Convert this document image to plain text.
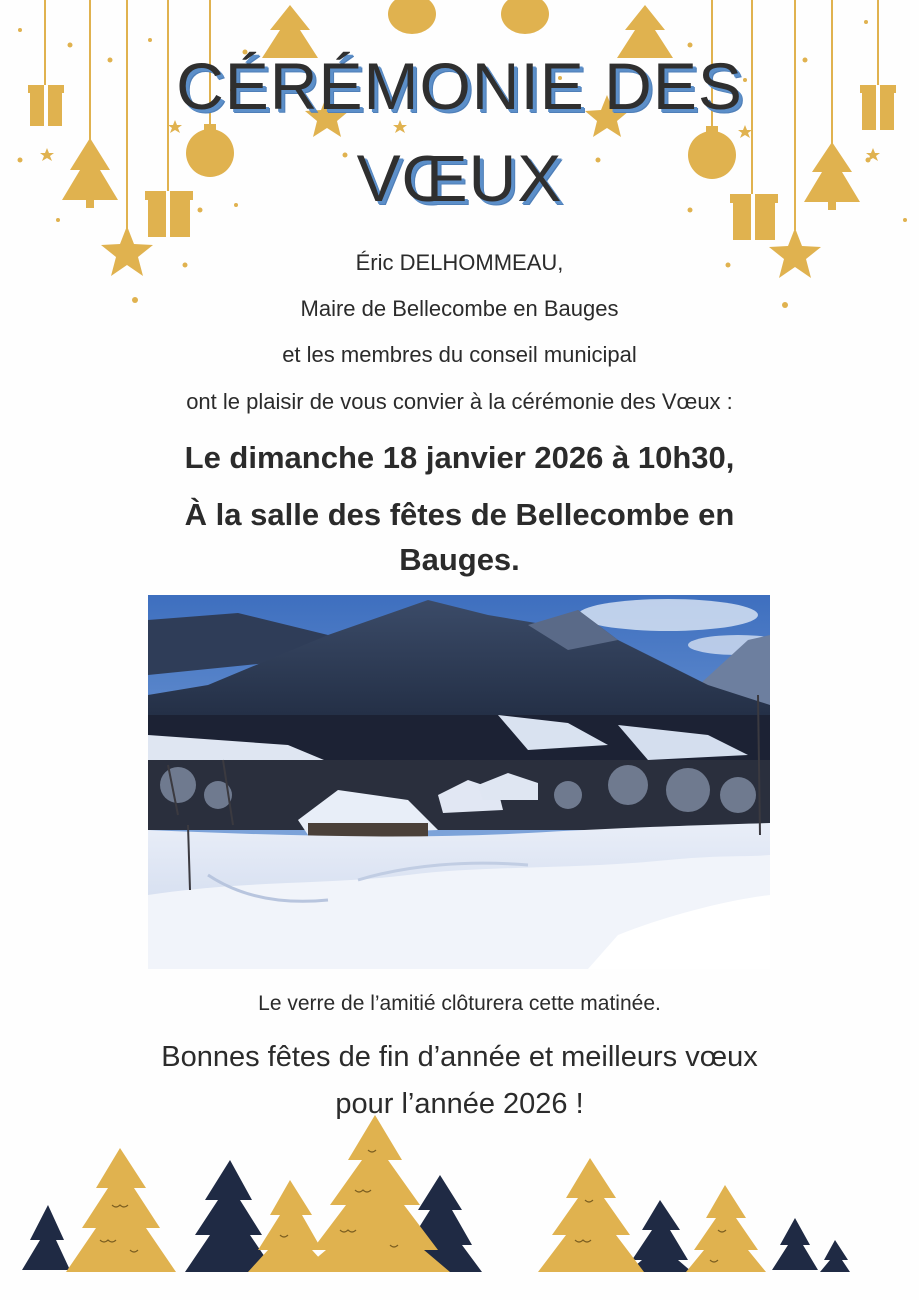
CÉRÉMONIE DES
VŒUX
Éric DELHOMMEAU,
Maire de Bellecombe en Bauges
et les membres du conseil municipal
ont le plaisir de vous convier à la cérémonie des Vœux :
Le dimanche 18 janvier 2026 à 10h30,
À la salle des fêtes de Bellecombe en
Bauges.
Le verre de l’amitié clôturera cette matinée.
Bonnes fêtes de fin d’année et meilleurs vœux
pour l’année 2026 !
